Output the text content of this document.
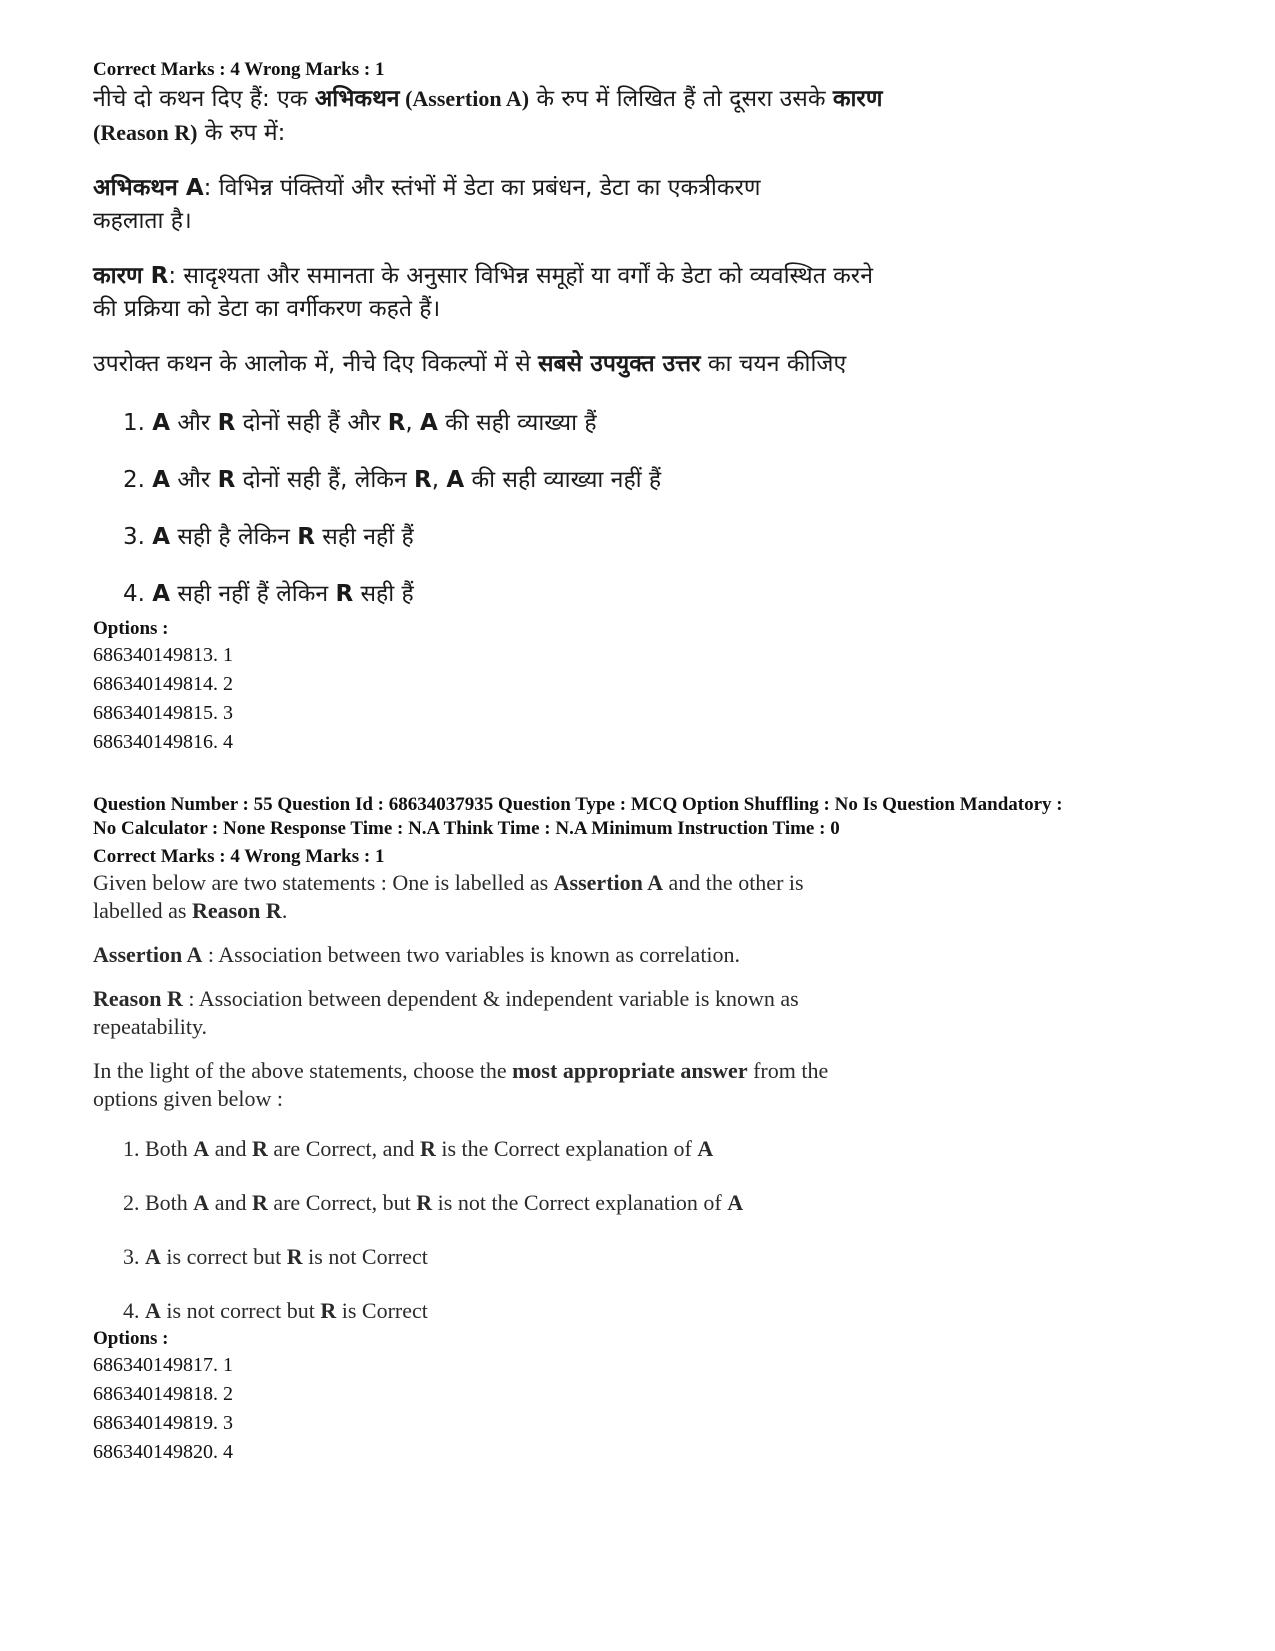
Correct Marks : 4 Wrong Marks : 1

नीचे दो कथन दिए हैं: एक अभिकथन (Assertion A) के रुप में लिखित हैं तो दूसरा उसके कारण (Reason R) के रुप में:

अभिकथन A: विभिन्न पंक्तियों और स्तंभों में डेटा का प्रबंधन, डेटा का एकत्रीकरण कहलाता है।

कारण R: सादृश्यता और समानता के अनुसार विभिन्न समूहों या वर्गों के डेटा को व्यवस्थित करने की प्रक्रिया को डेटा का वर्गीकरण कहते हैं।

उपरोक्त कथन के आलोक में, नीचे दिए विकल्पों में से सबसे उपयुक्त उत्तर का चयन कीजिए

1. A और R दोनों सही हैं और R, A की सही व्याख्या हैं
2. A और R दोनों सही हैं, लेकिन R, A की सही व्याख्या नहीं हैं
3. A सही है लेकिन R सही नहीं हैं
4. A सही नहीं हैं लेकिन R सही हैं
Options :
686340149813. 1
686340149814. 2
686340149815. 3
686340149816. 4
Question Number : 55 Question Id : 68634037935 Question Type : MCQ Option Shuffling : No Is Question Mandatory :
No Calculator : None Response Time : N.A Think Time : N.A Minimum Instruction Time : 0
Correct Marks : 4 Wrong Marks : 1

Given below are two statements : One is labelled as Assertion A and the other is labelled as Reason R.

Assertion A : Association between two variables is known as correlation.

Reason R : Association between dependent & independent variable is known as repeatability.

In the light of the above statements, choose the most appropriate answer from the options given below :

1. Both A and R are Correct, and R is the Correct explanation of A
2. Both A and R are Correct, but R is not the Correct explanation of A
3. A is correct but R is not Correct
4. A is not correct but R is Correct
Options :
686340149817. 1
686340149818. 2
686340149819. 3
686340149820. 4
